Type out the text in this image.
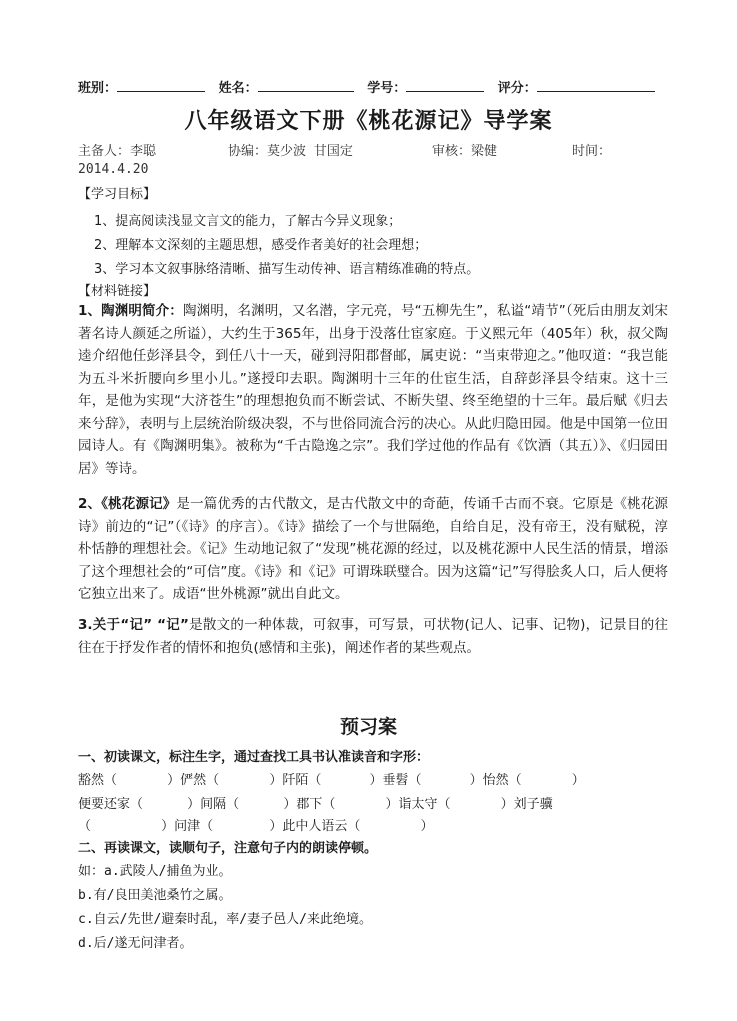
班别：	姓名：	学号：	评分：
八年级语文下册《桃花源记》导学案
主备人：李聪	协编：莫少波 甘国定	审核：梁健	时间：
2014.4.20
【学习目标】
1、提高阅读浅显文言文的能力，了解古今异义现象；
2、理解本文深刻的主题思想，感受作者美好的社会理想；
3、学习本文叙事脉络清晰、描写生动传神、语言精练准确的特点。
【材料链接】
1、陶渊明简介：陶渊明，名渊明，又名潜，字元亮，号“五柳先生”，私谥“靖节”（死后由朋友刘宋著名诗人颜延之所谥），大约生于365年，出身于没落仕宦家庭。于义熙元年（405年）秋，叔父陶逵介绍他任彭泽县令，到任八十一天，碰到浔阳郡督邮，属吏说：“当束带迎之。”他叹道：“我岂能为五斗米折腰向乡里小儿。”遂授印去职。陶渊明十三年的仕宦生活，自辞彭泽县令结束。这十三年，是他为实现“大济苍生”的理想抱负而不断尝试、不断失望、终至绝望的十三年。最后赋《归去来兮辞》，表明与上层统治阶级决裂，不与世俗同流合污的决心。从此归隐田园。他是中国第一位田园诗人。有《陶渊明集》。被称为“千古隐逸之宗”。我们学过他的作品有《饮酒（其五）》、《归园田居》等诗。
2、《桃花源记》是一篇优秀的古代散文，是古代散文中的奇葩，传诵千古而不衰。它原是《桃花源诗》前边的“记”（《诗》的序言）。《诗》描绘了一个与世隔绝，自给自足，没有帝王，没有赋税，淳朴恬静的理想社会。《记》生动地记叙了“发现”桃花源的经过，以及桃花源中人民生活的情景，增添了这个理想社会的“可信”度。《诗》和《记》可谓珠联璧合。因为这篇“记”写得脍炙人口，后人便将它独立出来了。成语“世外桃源”就出自此文。
3.关于“记” “记”是散文的一种体裁，可叙事，可写景，可状物(记人、记事、记物)，记景目的往往在于抒发作者的情怀和抱负(感情和主张)，阐述作者的某些观点。
预习案
一、初读课文，标注生字，通过查找工具书认准读音和字形：
豁然（	）俨然（	）阡陌（	）垂髫（	）怡然（	）
便要还家（	）间隔（	）郡下（	）诣太守（	）刘子骥
（	）问津（	）此中人语云（	）
二、再读课文，读顺句子，注意句子内的朗读停顿。
如：a.武陵人/捕鱼为业。
b.有/良田美池桑竹之属。
c.自云/先世/避秦时乱，率/妻子邑人/来此绝境。
d.后/遂无问津者。
